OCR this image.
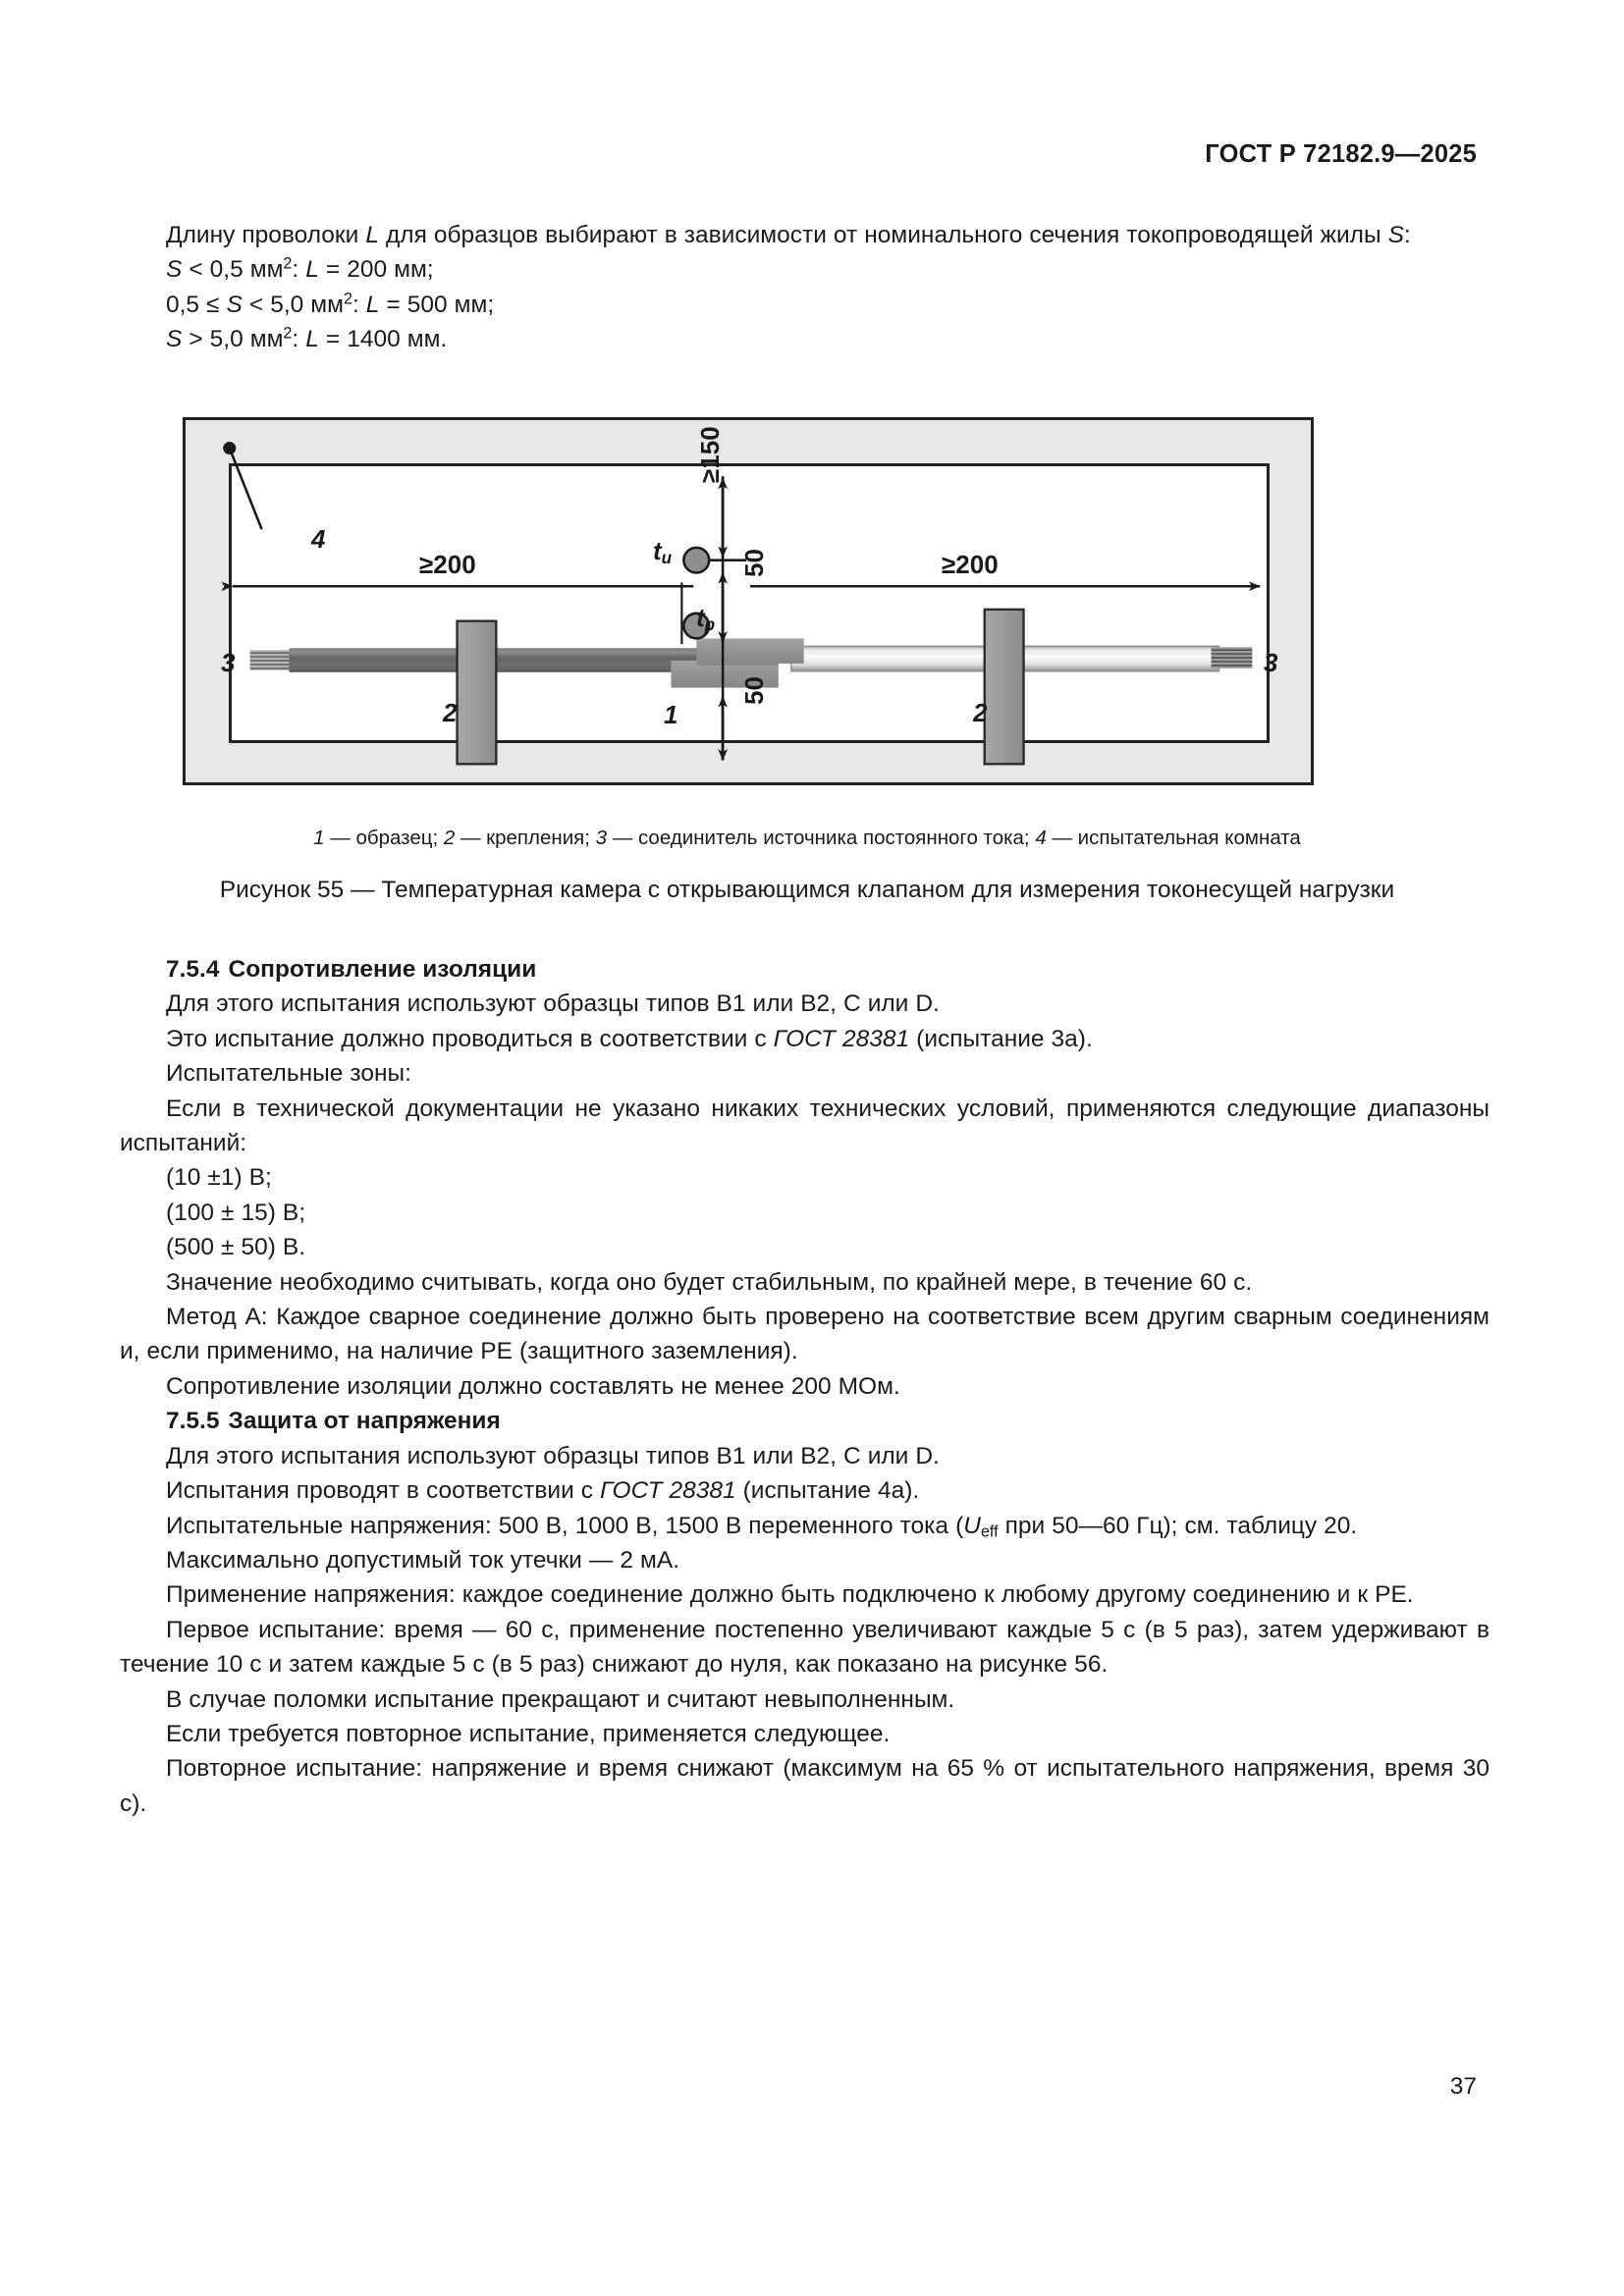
ГОСТ Р 72182.9—2025
4
2	2
3	3
1
≥200	≥200
≥150
50
50
$t_u$
$t_p$
1 — образец; 2 — крепления; 3 — соединитель источника постоянного тока; 4 — испытательная комната
Рисунок 55 — Температурная камера с открывающимся клапаном для измерения токонесущей нагрузки

Длину проволоки L для образцов выбирают в зависимости от номинального сечения токопроводящей жилы S:

S < 0,5 $мм^2$: L = 200 мм;

0,5 ≤ S < 5,0 $мм^2$: L = 500 мм;

S > 5,0 $мм^2$: L = 1400 мм.

7.5.4 Сопротивление изоляции

Для этого испытания используют образцы типов В1 или В2, С или D.

Это испытание должно проводиться в соответствии с ГОСТ 28381 (испытание 3а).

Испытательные зоны:

Если в технической документации не указано никаких технических условий, применяются следующие диапазоны испытаний:

(10 ±1) В;

(100 ± 15) В;

(500 ± 50) В.

Значение необходимо считывать, когда оно будет стабильным, по крайней мере, в течение 60 с.

Метод А: Каждое сварное соединение должно быть проверено на соответствие всем другим сварным соединениям и, если применимо, на наличие РЕ (защитного заземления).

Сопротивление изоляции должно составлять не менее 200 МОм.

7.5.5 Защита от напряжения

Для этого испытания используют образцы типов В1 или В2, С или D.

Испытания проводят в соответствии с ГОСТ 28381 (испытание 4а).

Испытательные напряжения: 500 В, 1000 В, 1500 В переменного тока ($U_{eff}$ при 50—60 Гц); см. таблицу 20.

Максимально допустимый ток утечки — 2 мА.

Применение напряжения: каждое соединение должно быть подключено к любому другому соединению и к РЕ.

Первое испытание: время — 60 с, применение постепенно увеличивают каждые 5 с (в 5 раз), затем удерживают в течение 10 с и затем каждые 5 с (в 5 раз) снижают до нуля, как показано на рисунке 56.

В случае поломки испытание прекращают и считают невыполненным.

Если требуется повторное испытание, применяется следующее.

Повторное испытание: напряжение и время снижают (максимум на 65 % от испытательного напряжения, время 30 с).

37
